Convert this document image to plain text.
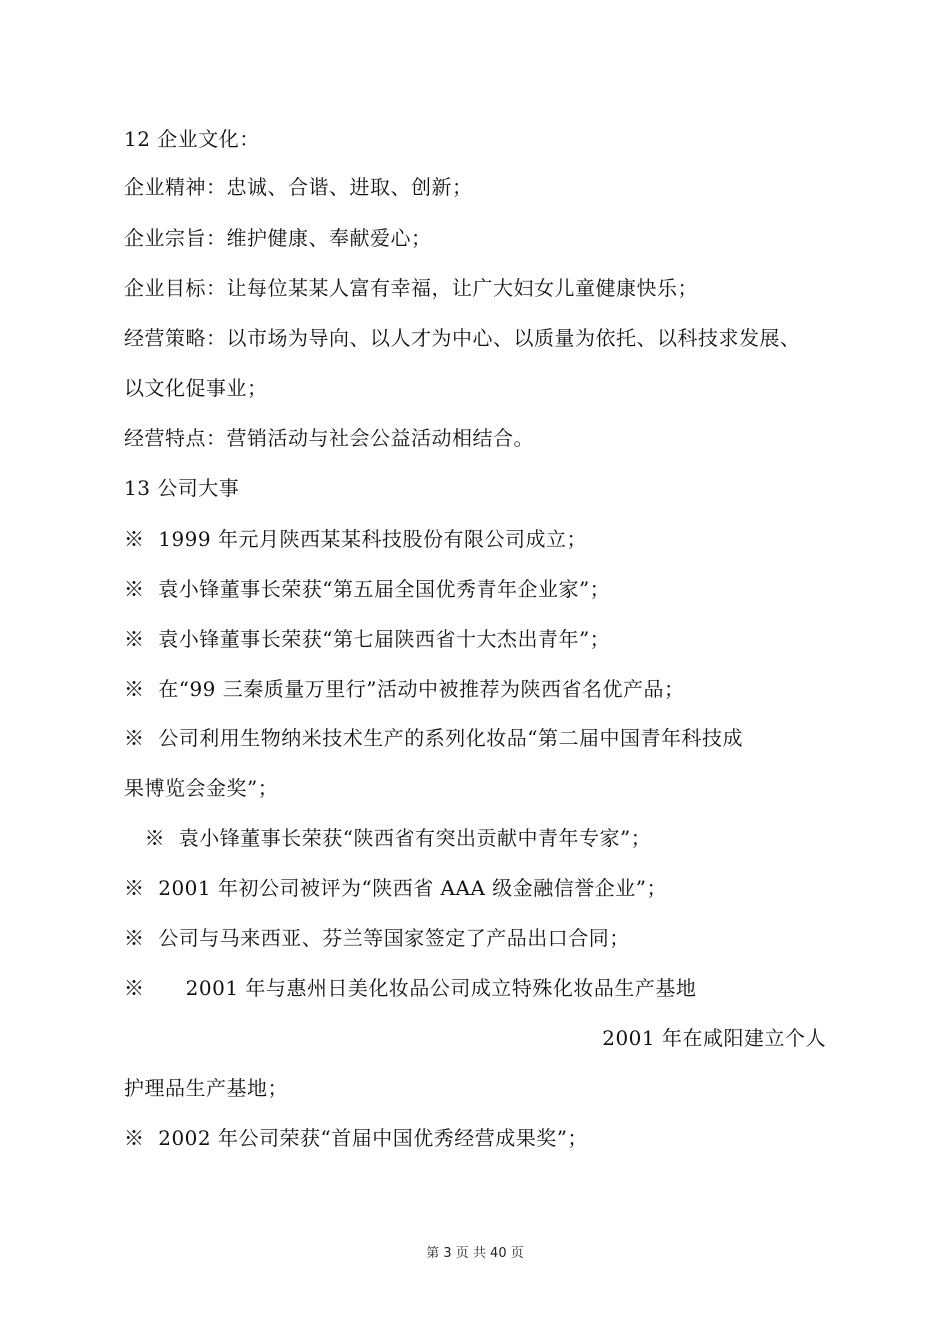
12 企业文化：
企业精神：忠诚、合谐、进取、创新；
企业宗旨：维护健康、奉献爱心；
企业目标：让每位某某人富有幸福，让广大妇女儿童健康快乐；
经营策略：以市场为导向、以人才为中心、以质量为依托、以科技求发展、
以文化促事业；
经营特点：营销活动与社会公益活动相结合。
13 公司大事
※  1999 年元月陕西某某科技股份有限公司成立；
※  袁小锋董事长荣获“第五届全国优秀青年企业家”；
※  袁小锋董事长荣获“第七届陕西省十大杰出青年”；
※  在“99 三秦质量万里行”活动中被推荐为陕西省名优产品；
※  公司利用生物纳米技术生产的系列化妆品“第二届中国青年科技成
果博览会金奖”；
※  袁小锋董事长荣获“陕西省有突出贡献中青年专家”；
※  2001 年初公司被评为“陕西省 AAA 级金融信誉企业”；
※  公司与马来西亚、芬兰等国家签定了产品出口合同；
※      2001 年与惠州日美化妆品公司成立特殊化妆品生产基地
2001 年在咸阳建立个人
护理品生产基地；
※  2002 年公司荣获“首届中国优秀经营成果奖”；
第 3 页 共 40 页
